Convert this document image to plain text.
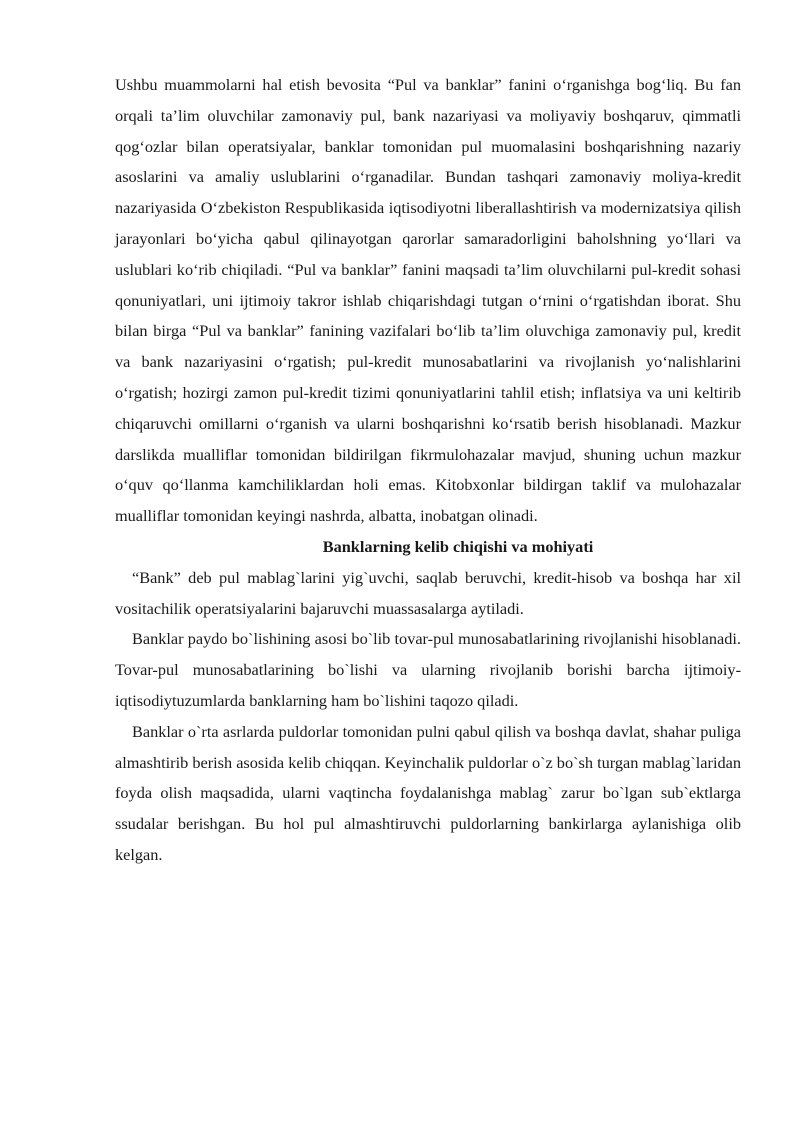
Ushbu muammolarni hal etish bevosita “Pul va banklar” fanini o‘rganishga bog‘liq. Bu fan orqali ta’lim oluvchilar zamonaviy pul, bank nazariyasi va moliyaviy boshqaruv, qimmatli qog‘ozlar bilan operatsiyalar, banklar tomonidan pul muomalasini boshqarishning nazariy asoslarini va amaliy uslublarini o‘rganadilar. Bundan tashqari zamonaviy moliya-kredit nazariyasida O‘zbekiston Respublikasida iqtisodiyotni liberallashtirish va modernizatsiya qilish jarayonlari bo‘yicha qabul qilinayotgan qarorlar samaradorligini baholshning yo‘llari va uslublari ko‘rib chiqiladi. “Pul va banklar” fanini maqsadi ta’lim oluvchilarni pul-kredit sohasi qonuniyatlari, uni ijtimoiy takror ishlab chiqarishdagi tutgan o‘rnini o‘rgatishdan iborat. Shu bilan birga “Pul va banklar” fanining vazifalari bo‘lib ta’lim oluvchiga zamonaviy pul, kredit va bank nazariyasini o‘rgatish; pul-kredit munosabatlarini va rivojlanish yo‘nalishlarini o‘rgatish; hozirgi zamon pul-kredit tizimi qonuniyatlarini tahlil etish; inflatsiya va uni keltirib chiqaruvchi omillarni o‘rganish va ularni boshqarishni ko‘rsatib berish hisoblanadi. Mazkur darslikda mualliflar tomonidan bildirilgan fikrmulohazalar mavjud, shuning uchun mazkur o‘quv qo‘llanma kamchiliklardan holi emas. Kitobxonlar bildirgan taklif va mulohazalar mualliflar tomonidan keyingi nashrda, albatta, inobatgan olinadi.

Banklarning kelib chiqishi va mohiyati

“Bank” deb pul mablag`larini yig`uvchi, saqlab beruvchi, kredit-hisob va boshqa har xil vositachilik operatsiyalarini bajaruvchi muassasalarga aytiladi.

Banklar paydo bo`lishining asosi bo`lib tovar-pul munosabatlarining rivojlanishi hisoblanadi. Tovar-pul munosabatlarining bo`lishi va ularning rivojlanib borishi barcha ijtimoiy-iqtisodiytuzumlarda banklarning ham bo`lishini taqozo qiladi.

Banklar o`rta asrlarda puldorlar tomonidan pulni qabul qilish va boshqa davlat, shahar puliga almashtirib berish asosida kelib chiqqan. Keyinchalik puldorlar o`z bo`sh turgan mablag`laridan foyda olish maqsadida, ularni vaqtincha foydalanishga mablag` zarur bo`lgan sub`ektlarga ssudalar berishgan. Bu hol pul almashtiruvchi puldorlarning bankirlarga aylanishiga olib kelgan.
